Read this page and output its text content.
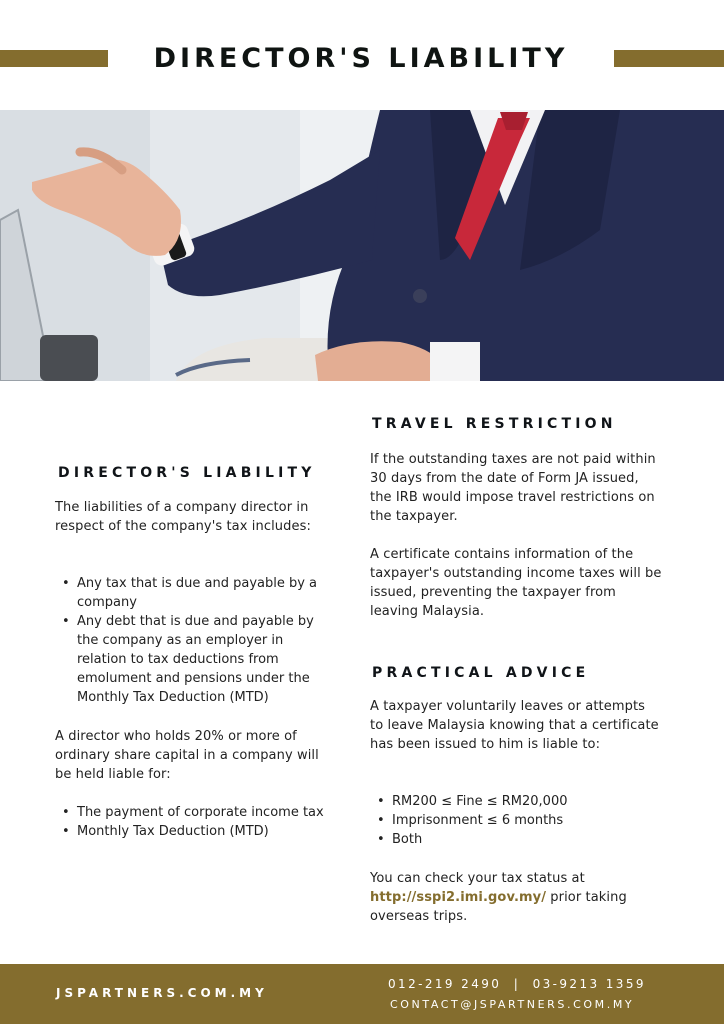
DIRECTOR'S LIABILITY
DIRECTOR'S LIABILITY

The liabilities of a company director in respect of the company's tax includes:

• Any tax that is due and payable by a company
• Any debt that is due and payable by the company as an employer in relation to tax deductions from emolument and pensions under the Monthly Tax Deduction (MTD)

A director who holds 20% or more of ordinary share capital in a company will be held liable for:

• The payment of corporate income tax
• Monthly Tax Deduction (MTD)
TRAVEL RESTRICTION

If the outstanding taxes are not paid within 30 days from the date of Form JA issued, the IRB would impose travel restrictions on the taxpayer.

A certificate contains information of the taxpayer's outstanding income taxes will be issued, preventing the taxpayer from leaving Malaysia.

PRACTICAL ADVICE

A taxpayer voluntarily leaves or attempts to leave Malaysia knowing that a certificate has been issued to him is liable to:

• RM200 ≤ Fine ≤ RM20,000
• Imprisonment ≤ 6 months
• Both

You can check your tax status at http://sspi2.imi.gov.my/ prior taking overseas trips.

JSPARTNERS.COM.MY
012-219 2490  |  03-9213 1359
CONTACT@JSPARTNERS.COM.MY
